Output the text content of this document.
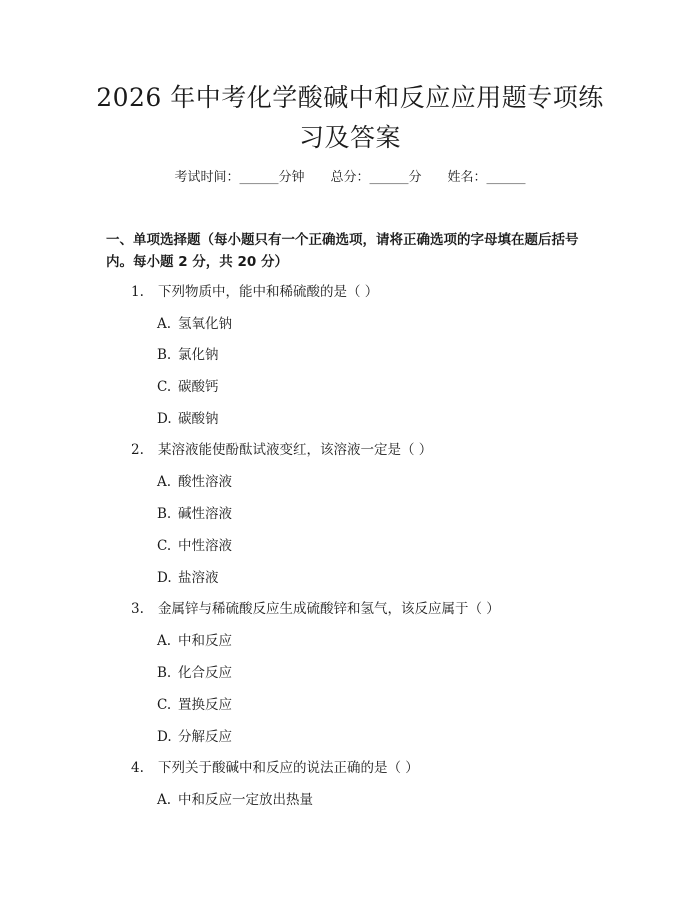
2026 年中考化学酸碱中和反应应用题专项练
习及答案
考试时间：______分钟 总分：______分 姓名：______
一、单项选择题（每小题只有一个正确选项，请将正确选项的字母填在题后括号
内。每小题 2 分，共 20 分）
1. 下列物质中，能中和稀硫酸的是（ ）
A. 氢氧化钠
B. 氯化钠
C. 碳酸钙
D. 碳酸钠
2. 某溶液能使酚酞试液变红，该溶液一定是（ ）
A. 酸性溶液
B. 碱性溶液
C. 中性溶液
D. 盐溶液
3. 金属锌与稀硫酸反应生成硫酸锌和氢气，该反应属于（ ）
A. 中和反应
B. 化合反应
C. 置换反应
D. 分解反应
4. 下列关于酸碱中和反应的说法正确的是（ ）
A. 中和反应一定放出热量
